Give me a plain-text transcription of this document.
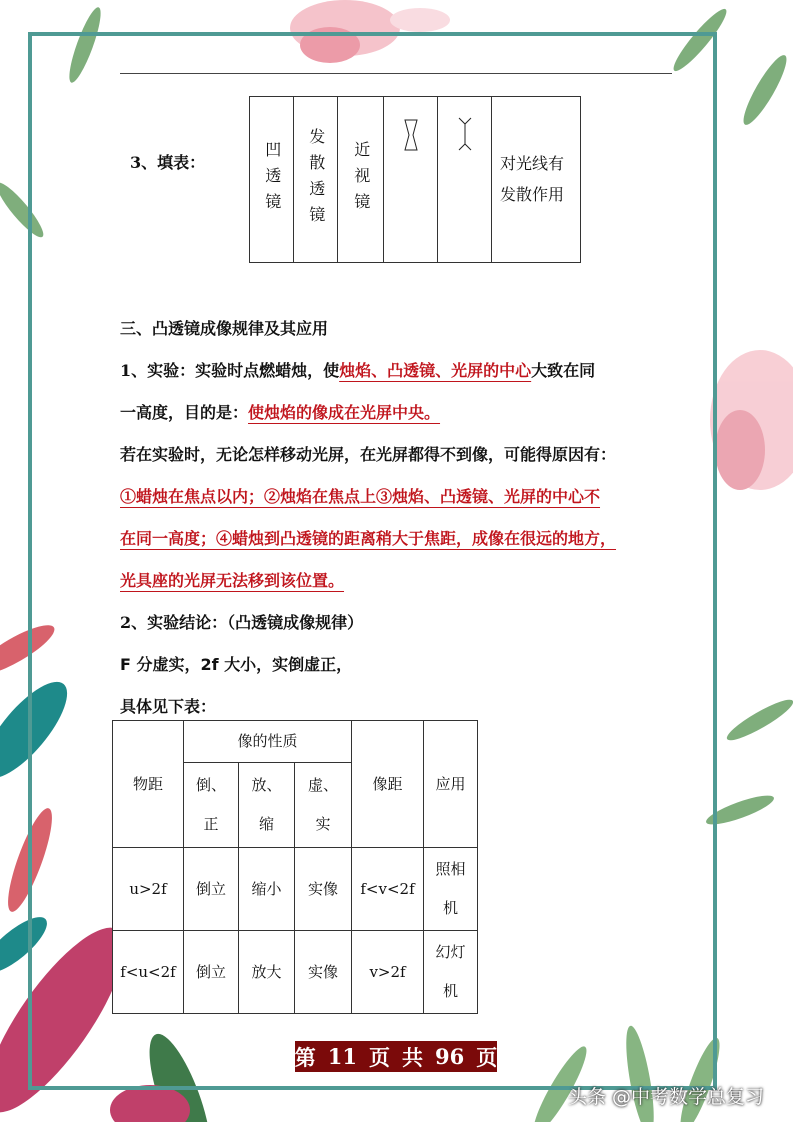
3、填表：	凹透镜	发散透镜	近视镜			对光线有发散作用
三、凸透镜成像规律及其应用
1、实验：实验时点燃蜡烛，使烛焰、凸透镜、光屏的中心大致在同
一高度，目的是：使烛焰的像成在光屏中央。
若在实验时，无论怎样移动光屏，在光屏都得不到像，可能得原因有：
①蜡烛在焦点以内；②烛焰在焦点上③烛焰、凸透镜、光屏的中心不
在同一高度；④蜡烛到凸透镜的距离稍大于焦距，成像在很远的地方，
光具座的光屏无法移到该位置。
2、实验结论：（凸透镜成像规律）
F 分虚实，2f 大小，实倒虚正，
具体见下表：
物距	像的性质			像距	应用
	倒、正	放、缩	虚、实		
u>2f	倒立	缩小	实像	f<v<2f	照相机
f<u<2f	倒立	放大	实像	v>2f	幻灯机
第 11 页 共 96 页
头条 @中考数学总复习
